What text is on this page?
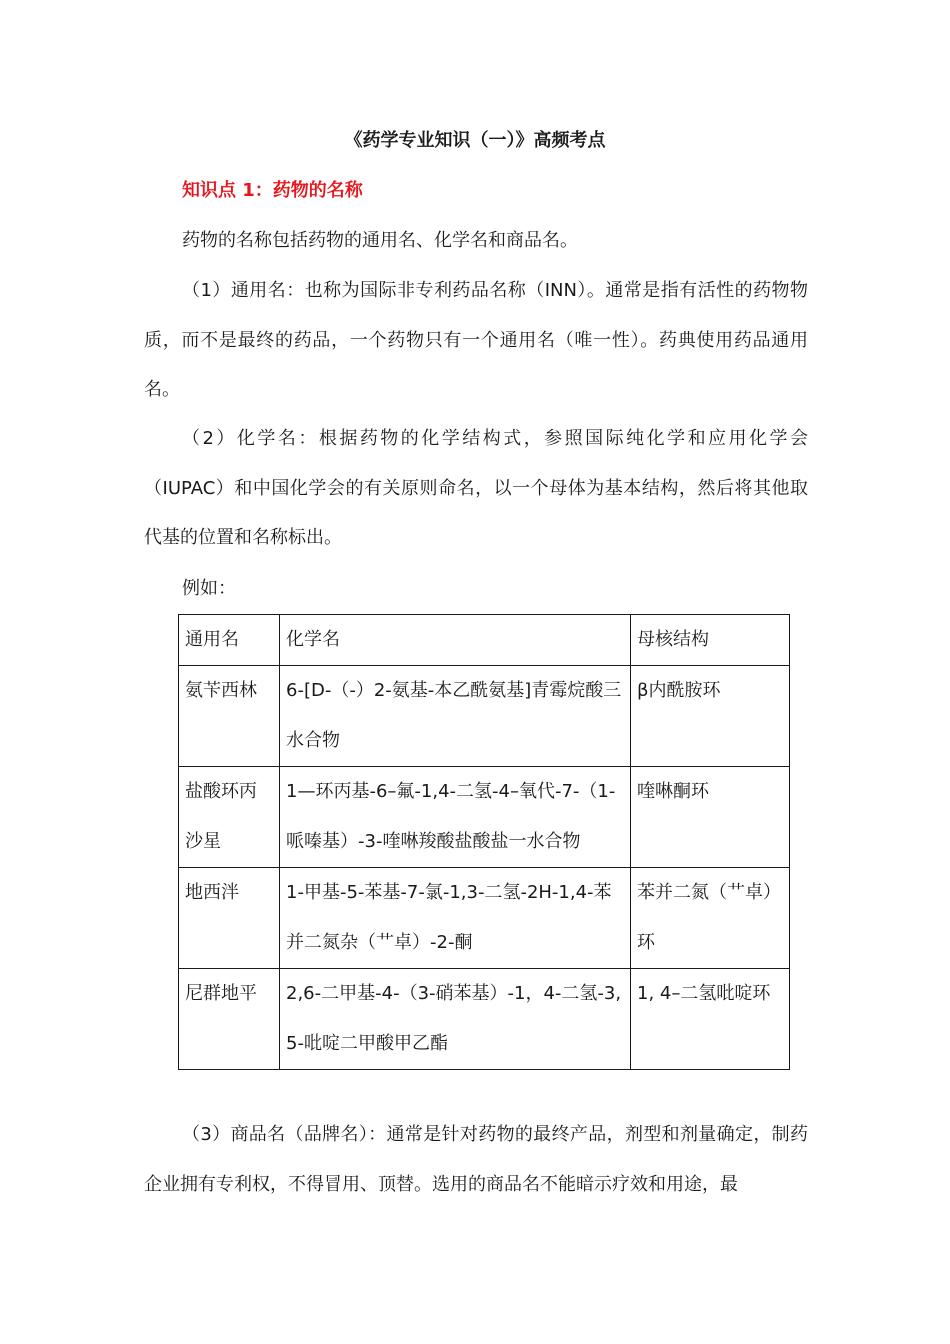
《药学专业知识（一）》高频考点
知识点 1：药物的名称

药物的名称包括药物的通用名、化学名和商品名。

（1）通用名：也称为国际非专利药品名称（INN）。通常是指有活性的药物物质，而不是最终的药品，一个药物只有一个通用名（唯一性）。药典使用药品通用名。

（2）化学名：根据药物的化学结构式，参照国际纯化学和应用化学会（IUPAC）和中国化学会的有关原则命名，以一个母体为基本结构，然后将其他取代基的位置和名称标出。

例如：

通用名	化学名	母核结构
氨苄西林	6-[D-（-）2-氨基-本乙酰氨基]青霉烷酸三水合物	β内酰胺环
盐酸环丙沙星	1—环丙基-6–氟-1,4-二氢-4–氧代-7-（1-哌嗪基）-3-喹啉羧酸盐酸盐一水合物	喹啉酮环
地西泮	1-甲基-5-苯基-7-氯-1,3-二氢-2H-1,4-苯并二氮杂（艹卓）-2-酮	苯并二氮（艹卓）环
尼群地平	2,6-二甲基-4-（3-硝苯基）-1，4-二氢-3,5-吡啶二甲酸甲乙酯	1, 4–二氢吡啶环

（3）商品名（品牌名）：通常是针对药物的最终产品，剂型和剂量确定，制药企业拥有专利权，不得冒用、顶替。选用的商品名不能暗示疗效和用途，最
